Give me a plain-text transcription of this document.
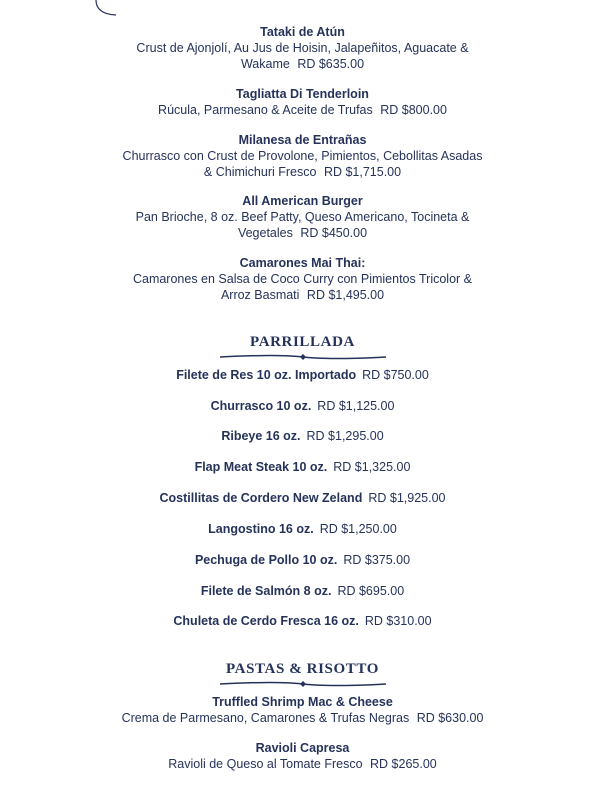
Tataki de Atún
Crust de Ajonjolí, Au Jus de Hoisin, Jalapeñitos, Aguacate & Wakame RD $635.00
Tagliatta Di Tenderloin
Rúcula, Parmesano & Aceite de Trufas RD $800.00
Milanesa de Entrañas
Churrasco con Crust de Provolone, Pimientos, Cebollitas Asadas & Chimichuri Fresco RD $1,715.00
All American Burger
Pan Brioche, 8 oz. Beef Patty, Queso Americano, Tocineta & Vegetales RD $450.00
Camarones Mai Thai:
Camarones en Salsa de Coco Curry con Pimientos Tricolor & Arroz Basmati RD $1,495.00
PARRILLADA
Filete de Res 10 oz. Importado RD $750.00
Churrasco 10 oz. RD $1,125.00
Ribeye 16 oz. RD $1,295.00
Flap Meat Steak 10 oz. RD $1,325.00
Costillitas de Cordero New Zeland RD $1,925.00
Langostino 16 oz. RD $1,250.00
Pechuga de Pollo 10 oz. RD $375.00
Filete de Salmón 8 oz. RD $695.00
Chuleta de Cerdo Fresca 16 oz. RD $310.00
PASTAS & RISOTTO
Truffled Shrimp Mac & Cheese
Crema de Parmesano, Camarones & Trufas Negras RD $630.00
Ravioli Capresa
Ravioli de Queso al Tomate Fresco RD $265.00
